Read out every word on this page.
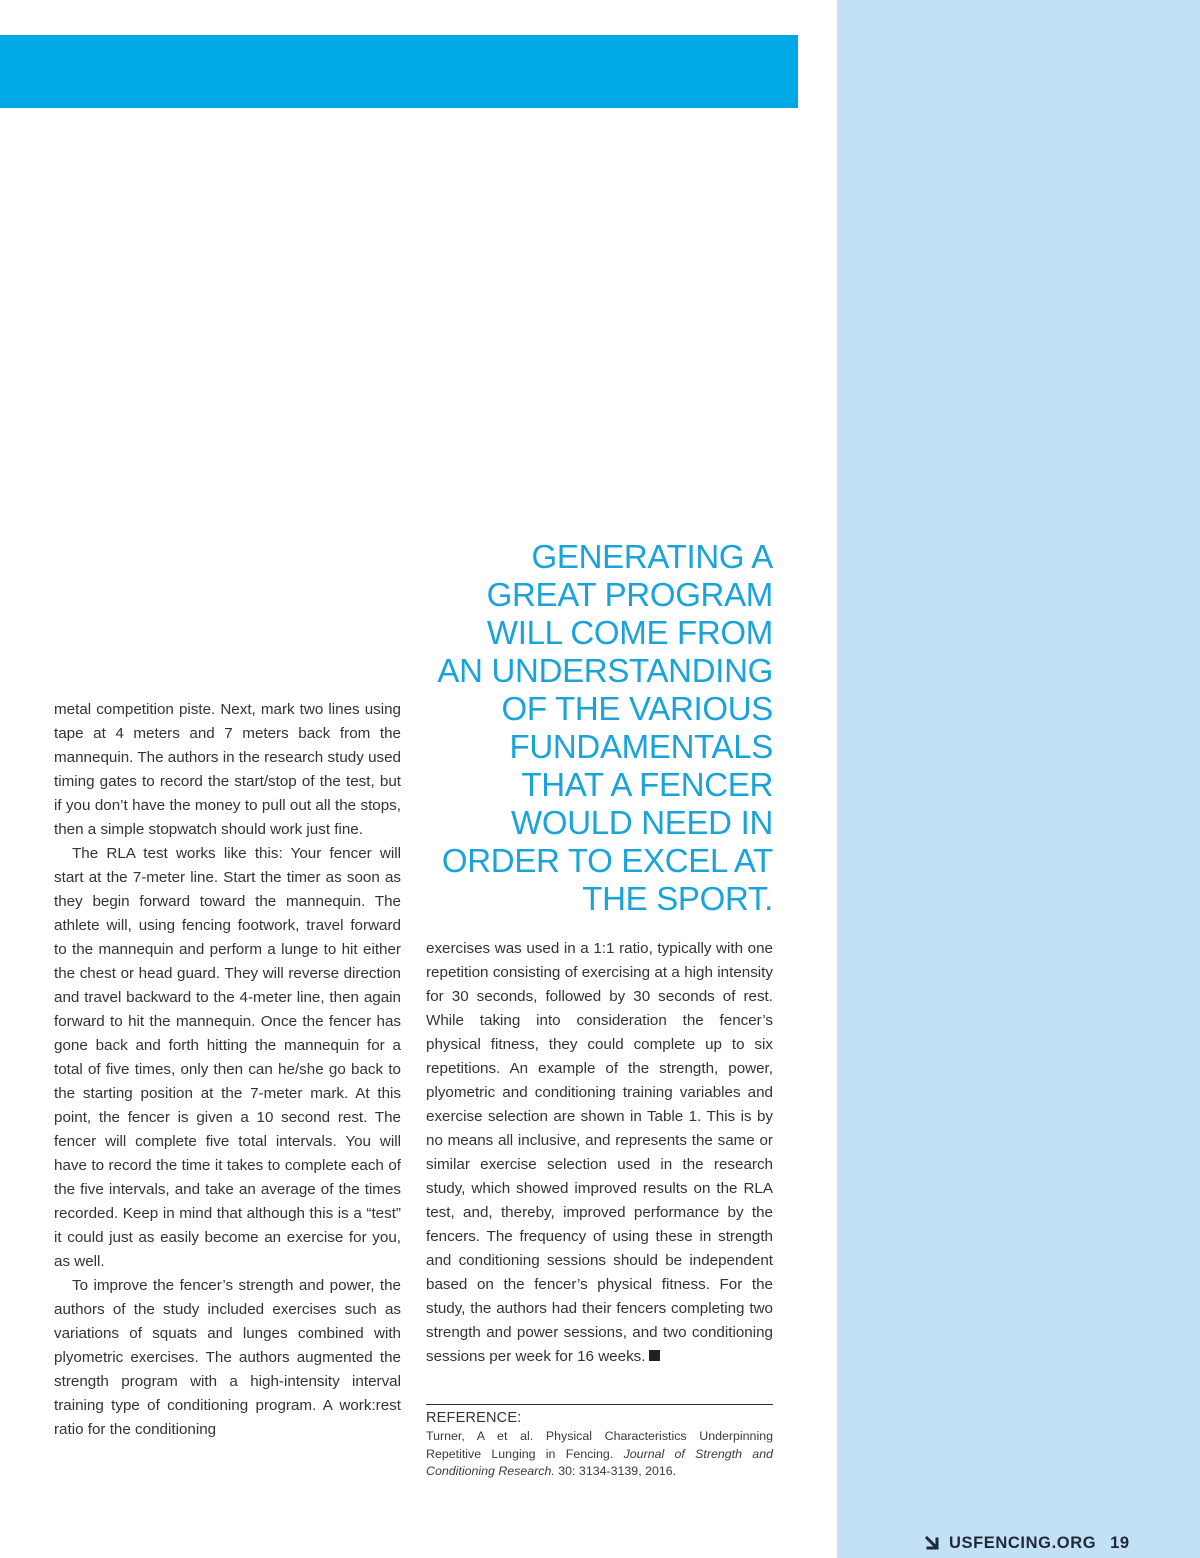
metal competition piste. Next, mark two lines using tape at 4 meters and 7 meters back from the mannequin. The authors in the research study used timing gates to record the start/stop of the test, but if you don’t have the money to pull out all the stops, then a simple stopwatch should work just fine.

The RLA test works like this: Your fencer will start at the 7-meter line. Start the timer as soon as they begin forward toward the mannequin. The athlete will, using fencing footwork, travel forward to the mannequin and perform a lunge to hit either the chest or head guard. They will reverse direction and travel backward to the 4-meter line, then again forward to hit the mannequin. Once the fencer has gone back and forth hitting the mannequin for a total of five times, only then can he/she go back to the starting position at the 7-meter mark. At this point, the fencer is given a 10 second rest. The fencer will complete five total intervals. You will have to record the time it takes to complete each of the five intervals, and take an average of the times recorded. Keep in mind that although this is a “test” it could just as easily become an exercise for you, as well.

To improve the fencer’s strength and power, the authors of the study included exercises such as variations of squats and lunges combined with plyometric exercises. The authors augmented the strength program with a high-intensity interval training type of conditioning program. A work:rest ratio for the conditioning

GENERATING A
GREAT PROGRAM
WILL COME FROM
AN UNDERSTANDING
OF THE VARIOUS
FUNDAMENTALS
THAT A FENCER
WOULD NEED IN
ORDER TO EXCEL AT
THE SPORT.

exercises was used in a 1:1 ratio, typically with one repetition consisting of exercising at a high intensity for 30 seconds, followed by 30 seconds of rest. While taking into consideration the fencer’s physical fitness, they could complete up to six repetitions. An example of the strength, power, plyometric and conditioning training variables and exercise selection are shown in Table 1. This is by no means all inclusive, and represents the same or similar exercise selection used in the research study, which showed improved results on the RLA test, and, thereby, improved performance by the fencers. The frequency of using these in strength and conditioning sessions should be independent based on the fencer’s physical fitness. For the study, the authors had their fencers completing two strength and power sessions, and two conditioning sessions per week for 16 weeks.

REFERENCE:
Turner, A et al. Physical Characteristics Underpinning Repetitive Lunging in Fencing. Journal of Strength and Conditioning Research. 30: 3134-3139, 2016.
USFENCING.ORG 19
